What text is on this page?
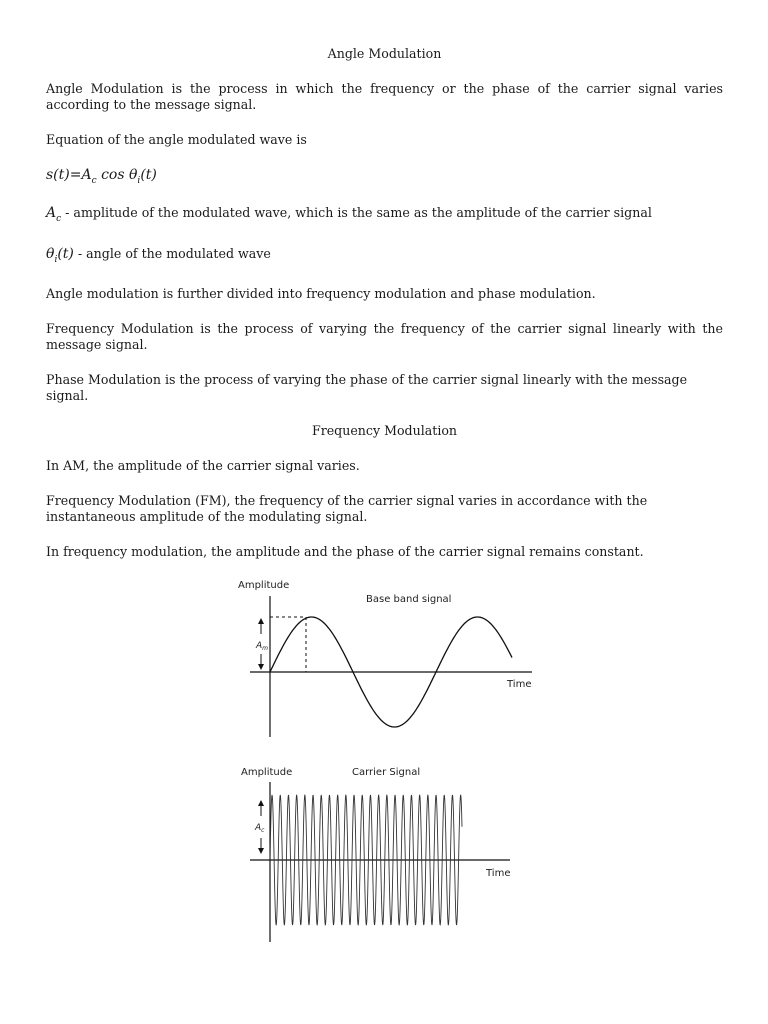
Angle Modulation

Angle Modulation is the process in which the frequency or the phase of the carrier signal varies according to the message signal.

Equation of the angle modulated wave is

$s(t)=A_c$ $\cos \theta_i(t)$

$A_c$ - amplitude of the modulated wave, which is the same as the amplitude of the carrier signal

$\theta_i(t)$ - angle of the modulated wave

Angle modulation is further divided into frequency modulation and phase modulation.

Frequency Modulation is the process of varying the frequency of the carrier signal linearly with the message signal.

Phase Modulation is the process of varying the phase of the carrier signal linearly with the message signal.

Frequency Modulation

In AM, the amplitude of the carrier signal varies.

Frequency Modulation (FM), the frequency of the carrier signal varies in accordance with the instantaneous amplitude of the modulating signal.

In frequency modulation, the amplitude and the phase of the carrier signal remains constant.

Amplitude
Base band signal
Time
$A_m$
Amplitude	Carrier Signal
Time
$A_c$
